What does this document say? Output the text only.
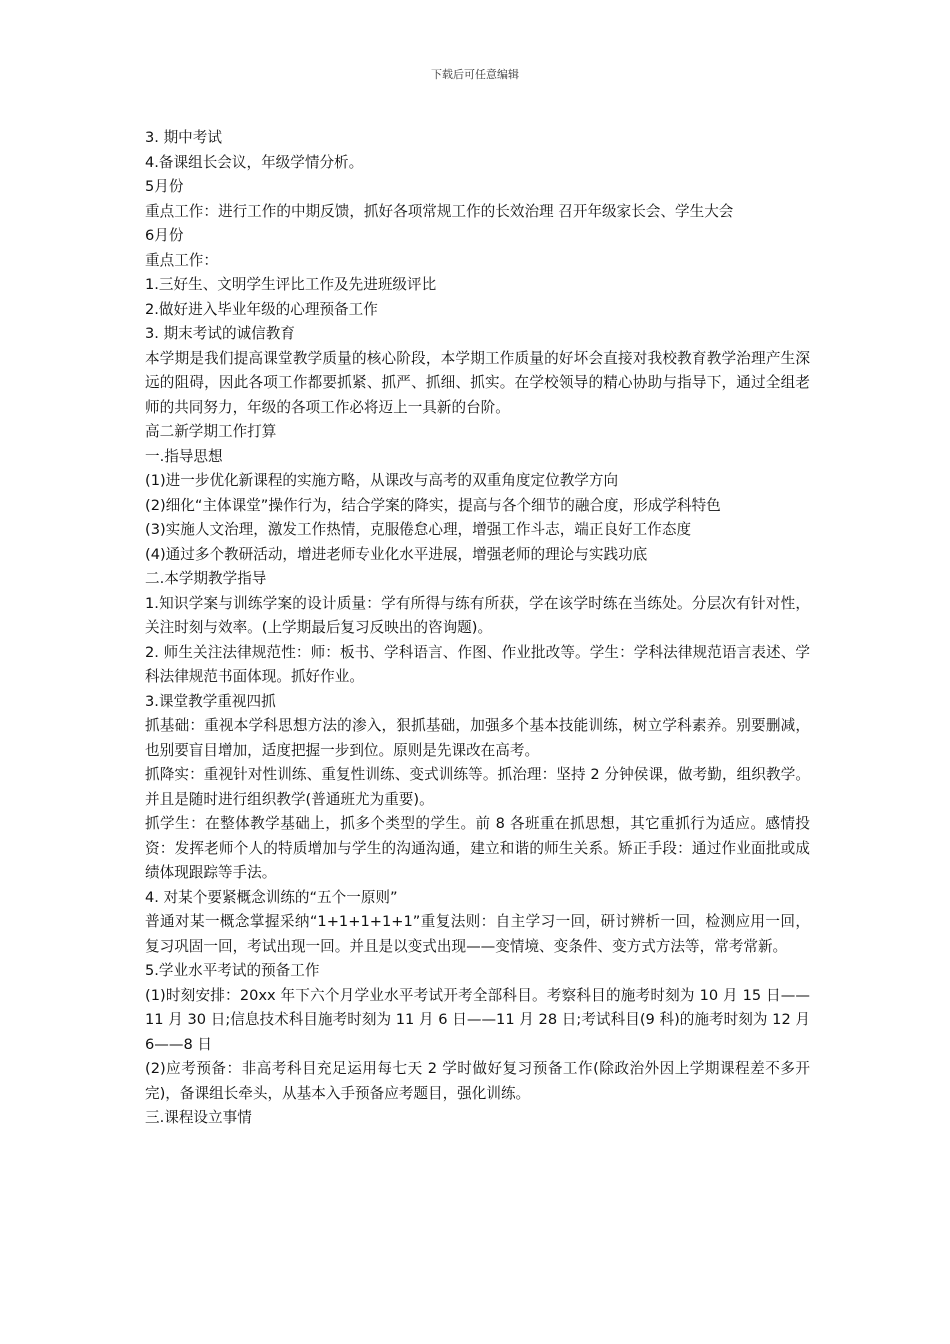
下载后可任意编辑

3. 期中考试

4.备课组长会议，年级学情分析。

5月份

重点工作：进行工作的中期反馈，抓好各项常规工作的长效治理 召开年级家长会、学生大会

6月份

重点工作：

1.三好生、文明学生评比工作及先进班级评比

2.做好进入毕业年级的心理预备工作

3. 期末考试的诚信教育

本学期是我们提高课堂教学质量的核心阶段，本学期工作质量的好坏会直接对我校教育教学治理产生深远的阻碍，因此各项工作都要抓紧、抓严、抓细、抓实。在学校领导的精心协助与指导下，通过全组老师的共同努力，年级的各项工作必将迈上一具新的台阶。

高二新学期工作打算

一.指导思想

(1)进一步优化新课程的实施方略，从课改与高考的双重角度定位教学方向

(2)细化“主体课堂”操作行为，结合学案的降实，提高与各个细节的融合度，形成学科特色

(3)实施人文治理，激发工作热情，克服倦怠心理，增强工作斗志，端正良好工作态度

(4)通过多个教研活动，增进老师专业化水平进展，增强老师的理论与实践功底

二.本学期教学指导

1.知识学案与训练学案的设计质量：学有所得与练有所获，学在该学时练在当练处。分层次有针对性，关注时刻与效率。(上学期最后复习反映出的咨询题)。

2. 师生关注法律规范性：师：板书、学科语言、作图、作业批改等。学生：学科法律规范语言表述、学科法律规范书面体现。抓好作业。

3.课堂教学重视四抓

抓基础：重视本学科思想方法的渗入，狠抓基础，加强多个基本技能训练，树立学科素养。别要删减，也别要盲目增加，适度把握一步到位。原则是先课改在高考。

抓降实：重视针对性训练、重复性训练、变式训练等。抓治理：坚持 2 分钟侯课，做考勤，组织教学。并且是随时进行组织教学(普通班尤为重要)。

抓学生：在整体教学基础上，抓多个类型的学生。前 8 各班重在抓思想，其它重抓行为适应。感情投资：发挥老师个人的特质增加与学生的沟通沟通，建立和谐的师生关系。矫正手段：通过作业面批或成绩体现跟踪等手法。

4. 对某个要紧概念训练的“五个一原则”

普通对某一概念掌握采纳“1+1+1+1+1”重复法则：自主学习一回，研讨辨析一回，检测应用一回，复习巩固一回，考试出现一回。并且是以变式出现——变情境、变条件、变方式方法等，常考常新。

5.学业水平考试的预备工作

(1)时刻安排：20xx 年下六个月学业水平考试开考全部科目。考察科目的施考时刻为 10 月 15 日——11 月 30 日;信息技术科目施考时刻为 11 月 6 日——11 月 28 日;考试科目(9 科)的施考时刻为 12 月 6——8 日

(2)应考预备：非高考科目充足运用每七天 2 学时做好复习预备工作(除政治外因上学期课程差不多开完)，备课组长牵头，从基本入手预备应考题目，强化训练。

三.课程设立事情
